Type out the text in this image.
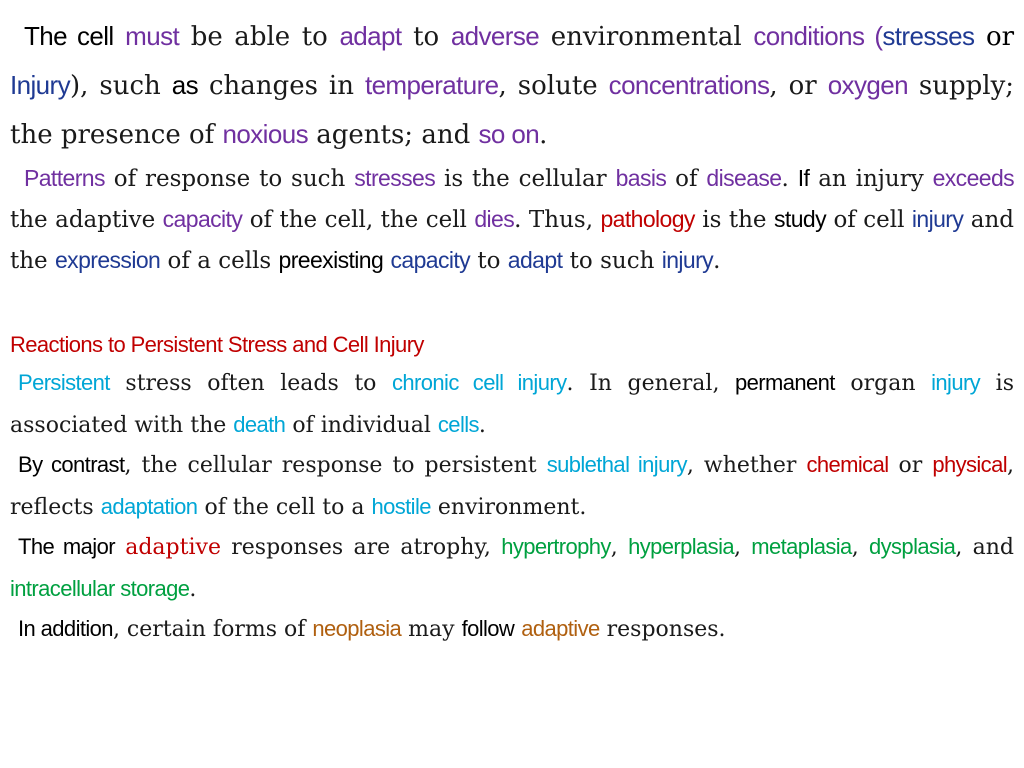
The cell must be able to adapt to adverse environmental conditions (stresses or Injury), such as changes in temperature, solute concentrations, or oxygen supply; the presence of noxious agents; and so on.

Patterns of response to such stresses is the cellular basis of disease. If an injury exceeds the adaptive capacity of the cell, the cell dies. Thus, pathology is the study of cell injury and the expression of a cells preexisting capacity to adapt to such injury.

Reactions to Persistent Stress and Cell Injury

Persistent stress often leads to chronic cell injury. In general, permanent organ injury is associated with the death of individual cells.

By contrast, the cellular response to persistent sublethal injury, whether chemical or physical, reflects adaptation of the cell to a hostile environment.

The major adaptive responses are atrophy, hypertrophy, hyperplasia, metaplasia, dysplasia, and intracellular storage.

In addition, certain forms of neoplasia may follow adaptive responses.
